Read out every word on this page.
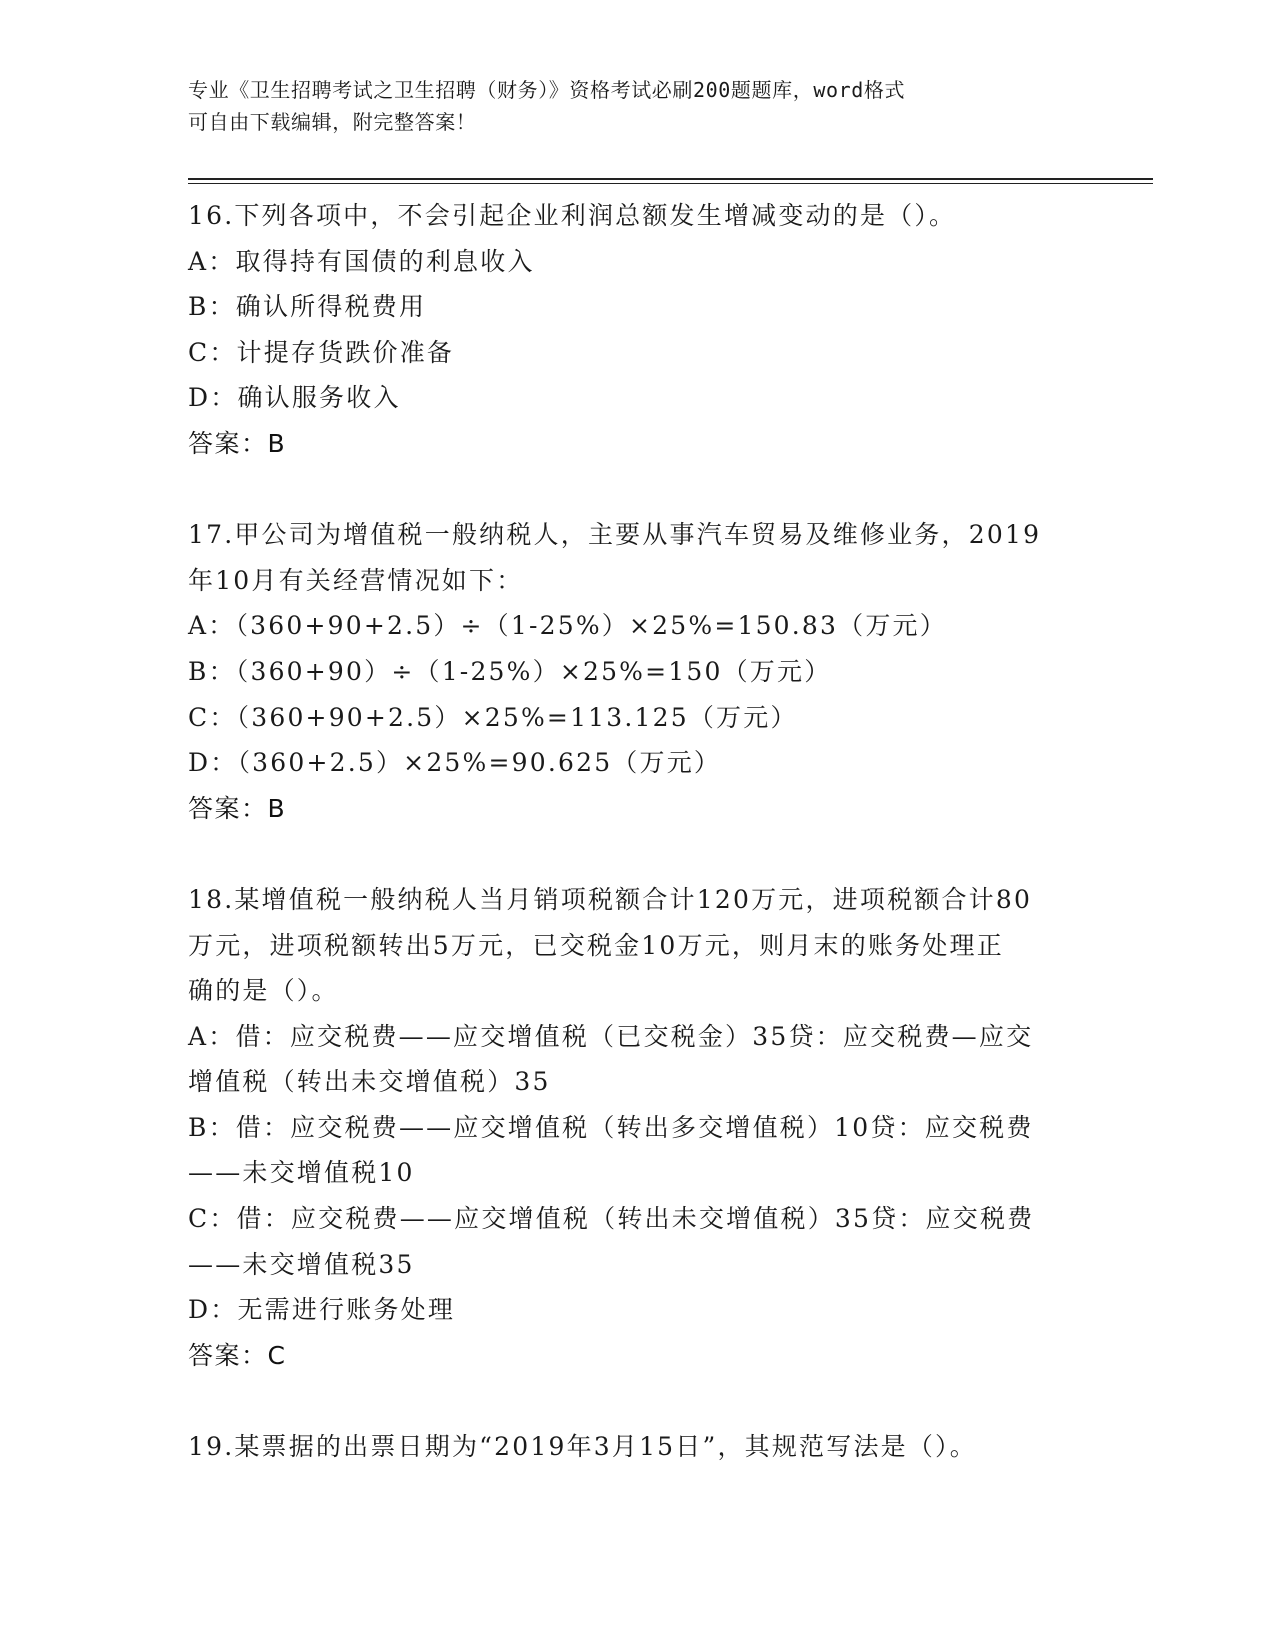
专业《卫生招聘考试之卫生招聘（财务）》资格考试必刷200题题库，word格式
可自由下载编辑，附完整答案！
16.下列各项中，不会引起企业利润总额发生增减变动的是（）。
A：取得持有国债的利息收入
B：确认所得税费用
C：计提存货跌价准备
D：确认服务收入
答案：B
17.甲公司为增值税一般纳税人，主要从事汽车贸易及维修业务，2019
年10月有关经营情况如下：
A：（360+90+2.5）÷（1-25%）×25%=150.83（万元）
B：（360+90）÷（1-25%）×25%=150（万元）
C：（360+90+2.5）×25%=113.125（万元）
D：（360+2.5）×25%=90.625（万元）
答案：B
18.某增值税一般纳税人当月销项税额合计120万元，进项税额合计80
万元，进项税额转出5万元，已交税金10万元，则月末的账务处理正
确的是（）。
A：借：应交税费——应交增值税（已交税金）35贷：应交税费—应交
增值税（转出未交增值税）35
B：借：应交税费——应交增值税（转出多交增值税）10贷：应交税费
——未交增值税10
C：借：应交税费——应交增值税（转出未交增值税）35贷：应交税费
——未交增值税35
D：无需进行账务处理
答案：C
19.某票据的出票日期为“2019年3月15日”，其规范写法是（）。
